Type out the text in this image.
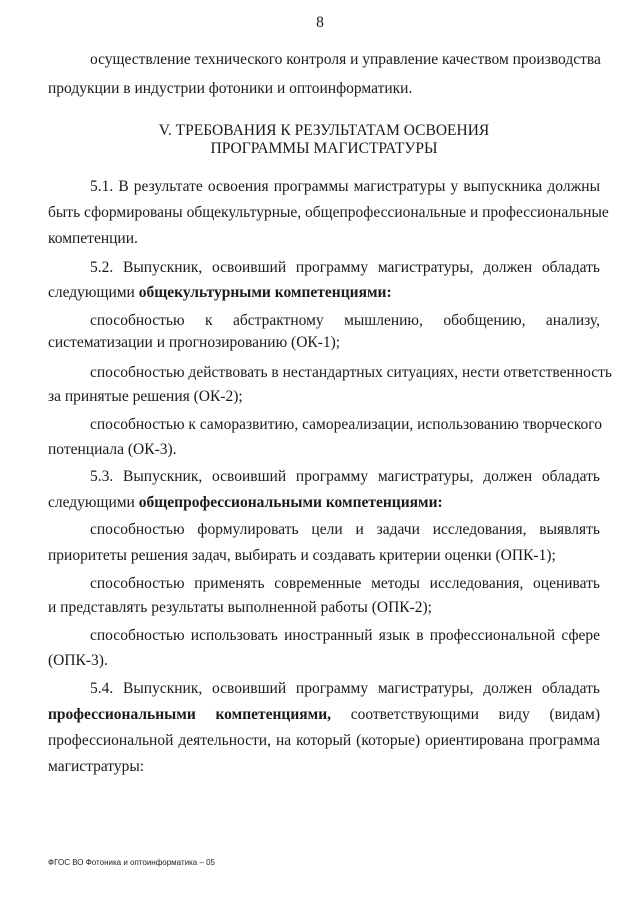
8
осуществление технического контроля и управление качеством производства
продукции в индустрии фотоники и оптоинформатики.
V. ТРЕБОВАНИЯ К РЕЗУЛЬТАТАМ ОСВОЕНИЯ
ПРОГРАММЫ МАГИСТРАТУРЫ
5.1. В результате освоения программы магистратуры у выпускника должны
быть сформированы общекультурные, общепрофессиональные и профессиональные
компетенции.
5.2. Выпускник, освоивший программу магистратуры, должен обладать
следующими общекультурными компетенциями:
способностью к абстрактному мышлению, обобщению, анализу,
систематизации и прогнозированию (ОК-1);
способностью действовать в нестандартных ситуациях, нести ответственность
за принятые решения (ОК-2);
способностью к саморазвитию, самореализации, использованию творческого
потенциала (ОК-3).
5.3. Выпускник, освоивший программу магистратуры, должен обладать
следующими общепрофессиональными компетенциями:
способностью формулировать цели и задачи исследования, выявлять
приоритеты решения задач, выбирать и создавать критерии оценки (ОПК-1);
способностью применять современные методы исследования, оценивать
и представлять результаты выполненной работы (ОПК-2);
способностью использовать иностранный язык в профессиональной сфере
(ОПК-3).
5.4. Выпускник, освоивший программу магистратуры, должен обладать
профессиональными компетенциями, соответствующими виду (видам)
профессиональной деятельности, на который (которые) ориентирована программа
магистратуры:
ФГОС ВО Фотоника и оптоинформатика – 05
